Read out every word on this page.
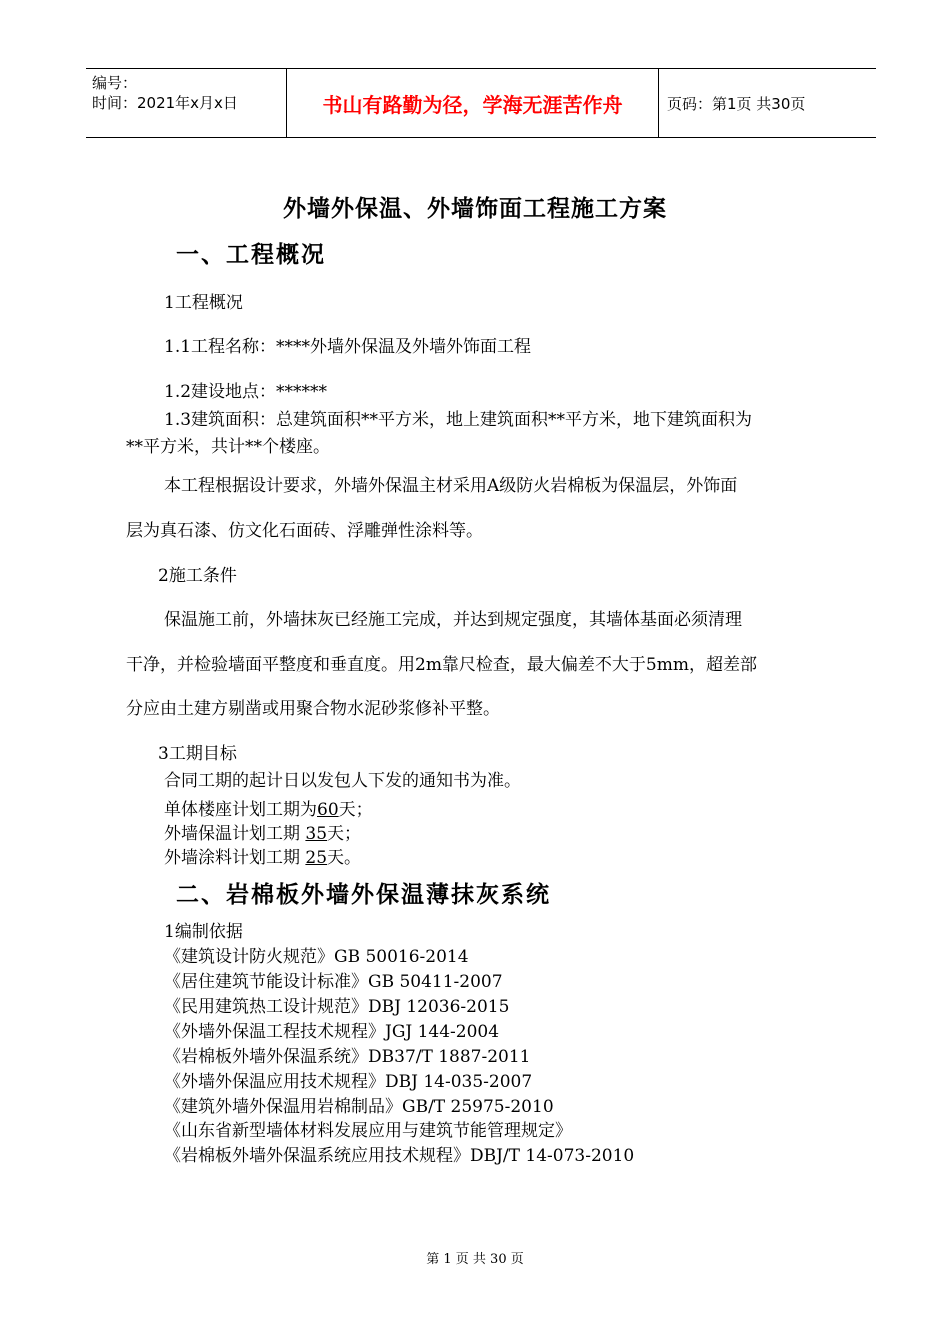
编号：
时间：2021年x月x日	书山有路勤为径，学海无涯苦作舟	页码：第1页 共30页
外墙外保温、外墙饰面工程施工方案
一、工程概况
1工程概况
1.1工程名称：****外墙外保温及外墙外饰面工程
1.2建设地点：******
1.3建筑面积：总建筑面积**平方米，地上建筑面积**平方米，地下建筑面积为
**平方米，共计**个楼座。
本工程根据设计要求，外墙外保温主材采用A级防火岩棉板为保温层，外饰面
层为真石漆、仿文化石面砖、浮雕弹性涂料等。
2施工条件
保温施工前，外墙抹灰已经施工完成，并达到规定强度，其墙体基面必须清理
干净，并检验墙面平整度和垂直度。用2m靠尺检查，最大偏差不大于5mm，超差部
分应由土建方剔凿或用聚合物水泥砂浆修补平整。
3工期目标
合同工期的起计日以发包人下发的通知书为准。
单体楼座计划工期为60天；
外墙保温计划工期 35天；
外墙涂料计划工期 25天。
二、岩棉板外墙外保温薄抹灰系统
1编制依据
《建筑设计防火规范》GB 50016-2014
《居住建筑节能设计标准》GB 50411-2007
《民用建筑热工设计规范》DBJ 12036-2015
《外墙外保温工程技术规程》JGJ 144-2004
《岩棉板外墙外保温系统》DB37/T 1887-2011
《外墙外保温应用技术规程》DBJ 14-035-2007
《建筑外墙外保温用岩棉制品》GB/T 25975-2010
《山东省新型墙体材料发展应用与建筑节能管理规定》
《岩棉板外墙外保温系统应用技术规程》DBJ/T 14-073-2010
第 1 页 共 30 页
